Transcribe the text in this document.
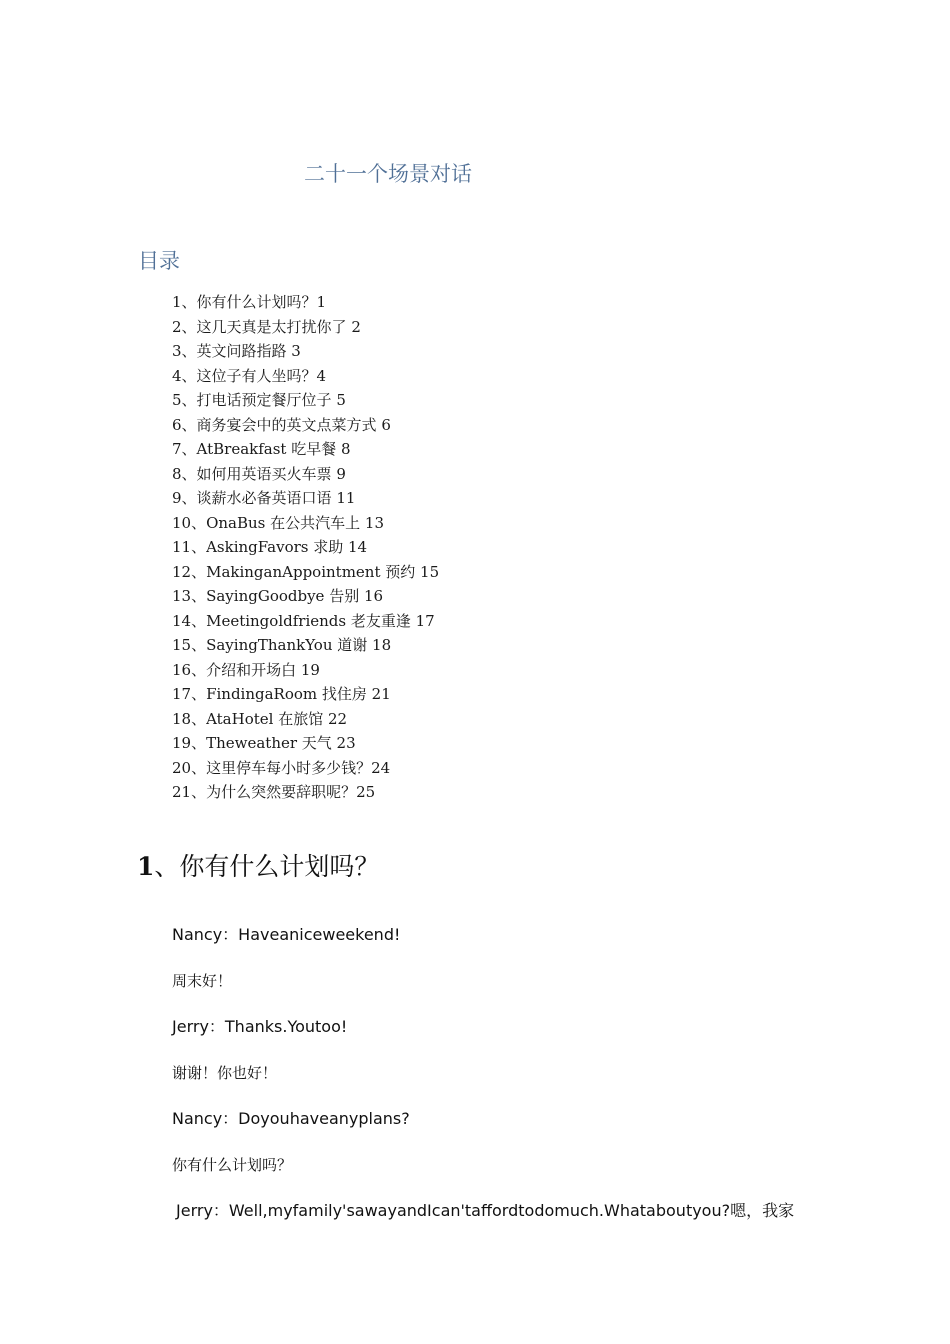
二十一个场景对话
目录
1、你有什么计划吗？1
2、这几天真是太打扰你了 2
3、英文问路指路 3
4、这位子有人坐吗？4
5、打电话预定餐厅位子 5
6、商务宴会中的英文点菜方式 6
7、AtBreakfast 吃早餐 8
8、如何用英语买火车票 9
9、谈薪水必备英语口语 11
10、OnaBus 在公共汽车上 13
11、AskingFavors 求助 14
12、MakinganAppointment 预约 15
13、SayingGoodbye 告别 16
14、Meetingoldfriends 老友重逢 17
15、SayingThankYou 道谢 18
16、介绍和开场白 19
17、FindingaRoom 找住房 21
18、AtaHotel 在旅馆 22
19、Theweather 天气 23
20、这里停车每小时多少钱？24
21、为什么突然要辞职呢？25
1、你有什么计划吗？
Nancy：Haveaniceweekend!
周末好！
Jerry：Thanks.Youtoo!
谢谢！你也好！
Nancy：Doyouhaveanyplans?
你有什么计划吗？
Jerry：Well,myfamily'sawayandIcan'taffordtodomuch.Whataboutyou?嗯，我家
